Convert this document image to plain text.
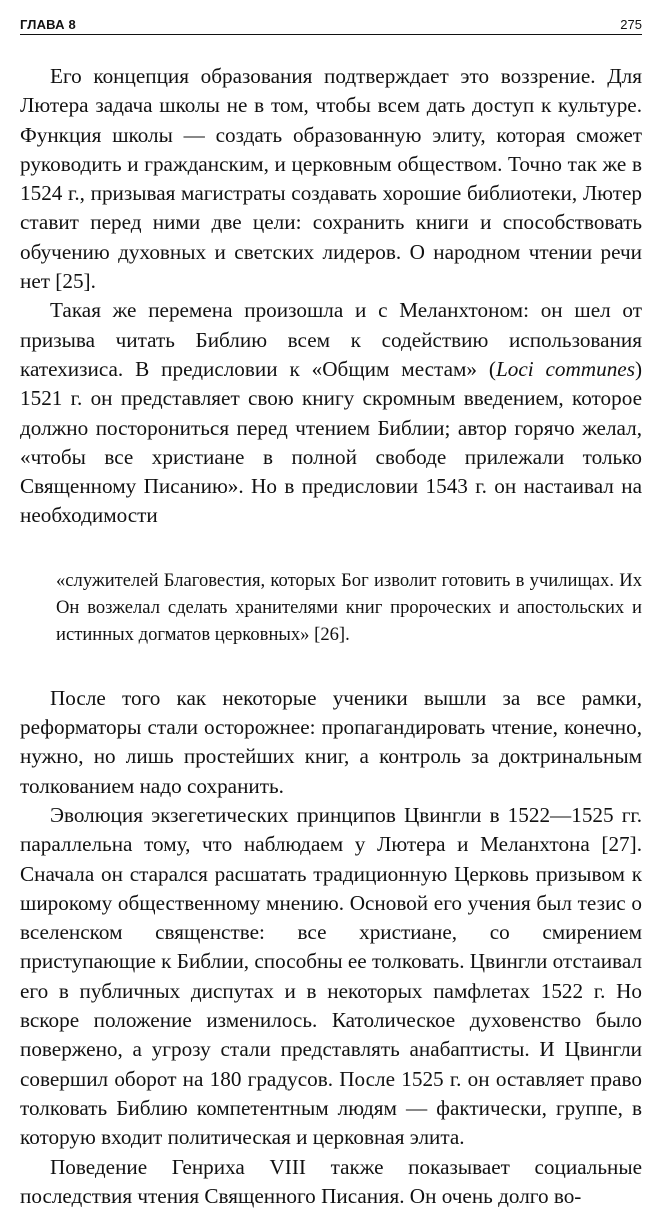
ГЛАВА 8	275

Его концепция образования подтверждает это воззрение. Для Лютера задача школы не в том, чтобы всем дать доступ к культуре. Функция школы — создать образованную элиту, которая сможет руководить и гражданским, и церковным обществом. Точно так же в 1524 г., призывая магистраты создавать хорошие библиотеки, Лютер ставит перед ними две цели: сохранить книги и способствовать обучению духовных и светских лидеров. О народном чтении речи нет [25].

Такая же перемена произошла и с Меланхтоном: он шел от призыва читать Библию всем к содействию использования катехизиса. В предисловии к «Общим местам» (Loci communes) 1521 г. он представляет свою книгу скромным введением, которое должно посторониться перед чтением Библии; автор горячо желал, «чтобы все христиане в полной свободе прилежали только Священному Писанию». Но в предисловии 1543 г. он настаивал на необходимости

«служителей Благовестия, которых Бог изволит готовить в училищах. Их Он возжелал сделать хранителями книг пророческих и апостольских и истинных догматов церковных» [26].

После того как некоторые ученики вышли за все рамки, реформаторы стали осторожнее: пропагандировать чтение, конечно, нужно, но лишь простейших книг, а контроль за доктринальным толкованием надо сохранить.

Эволюция экзегетических принципов Цвингли в 1522—1525 гг. параллельна тому, что наблюдаем у Лютера и Меланхтона [27]. Сначала он старался расшатать традиционную Церковь призывом к широкому общественному мнению. Основой его учения был тезис о вселенском священстве: все христиане, со смирением приступающие к Библии, способны ее толковать. Цвингли отстаивал его в публичных диспутах и в некоторых памфлетах 1522 г. Но вскоре положение изменилось. Католическое духовенство было повержено, а угрозу стали представлять анабаптисты. И Цвингли совершил оборот на 180 градусов. После 1525 г. он оставляет право толковать Библию компетентным людям — фактически, группе, в которую входит политическая и церковная элита.

Поведение Генриха VIII также показывает социальные последствия чтения Священного Писания. Он очень долго во-
